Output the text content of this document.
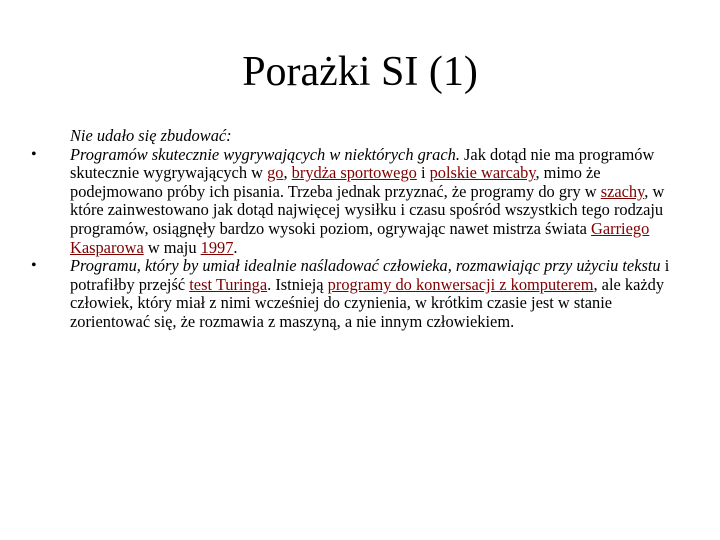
Porażki SI (1)

Nie udało się zbudować:

• Programów skutecznie wygrywających w niektórych grach. Jak dotąd nie ma programów skutecznie wygrywających w go, brydża sportowego i polskie warcaby, mimo że podejmowano próby ich pisania. Trzeba jednak przyznać, że programy do gry w szachy, w które zainwestowano jak dotąd najwięcej wysiłku i czasu spośród wszystkich tego rodzaju programów, osiągnęły bardzo wysoki poziom, ogrywając nawet mistrza świata Garriego Kasparowa w maju 1997.
• Programu, który by umiał idealnie naśladować człowieka, rozmawiając przy użyciu tekstu i potrafiłby przejść test Turinga. Istnieją programy do konwersacji z komputerem, ale każdy człowiek, który miał z nimi wcześniej do czynienia, w krótkim czasie jest w stanie zorientować się, że rozmawia z maszyną, a nie innym człowiekiem.
